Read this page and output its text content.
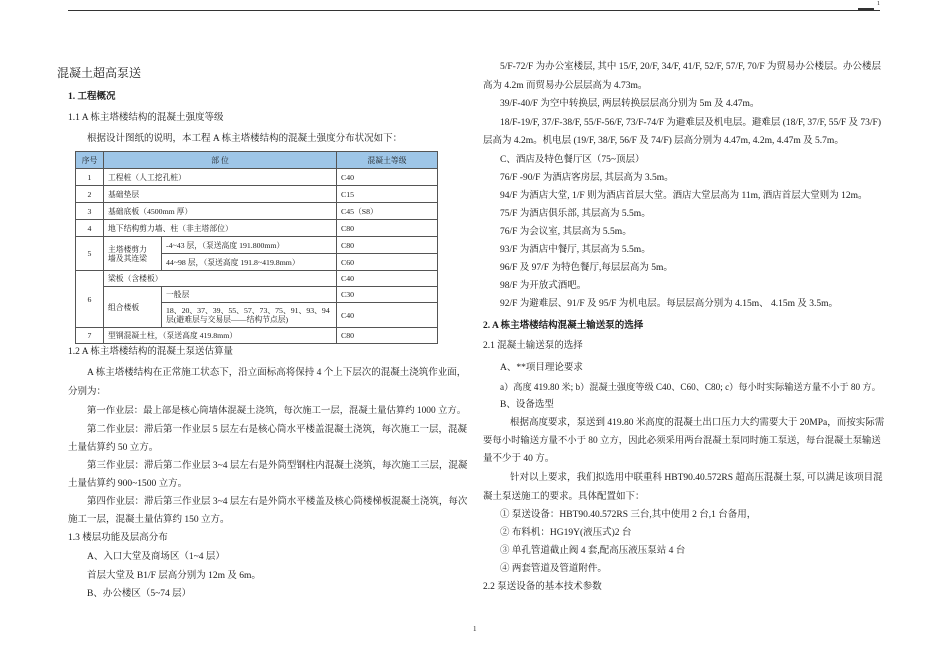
1
混凝土超高泵送
1. 工程概况
1.1 A 栋主塔楼结构的混凝土强度等级
根据设计图纸的说明，本工程 A 栋主塔楼结构的混凝土强度分布状况如下：
序号	部 位		混凝土等级
1	工程桩（人工挖孔桩）		C40
2	基础垫层		C15
3	基础底板（4500mm 厚）		C45（S8）
4	地下结构剪力墙、柱（非主塔部位）		C80
5	主塔楼剪力墙及其连梁	-4~43 层，（泵送高度 191.800mm）	C80
		44~98 层，（泵送高度 191.8~419.8mm）	C60
6	梁板（含楼板）		C40
	组合楼板	一般层	C30
		18、20、37、39、55、57、73、75、91、93、94 层(避难层与交易层——结构节点层)	C40
7	型钢混凝土柱，（泵送高度 419.8mm）		C80
1.2 A 栋主塔楼结构的混凝土泵送估算量
A 栋主塔楼结构在正常施工状态下，沿立面标高将保持 4 个上下层次的混凝土浇筑作业面，
分别为：
第一作业层：最上部是核心筒墙体混凝土浇筑，每次施工一层，混凝土量估算约 1000 立方。
第二作业层：滞后第一作业层 5 层左右是核心筒水平楼盖混凝土浇筑，每次施工一层，混凝
土量估算约 50 立方。
第三作业层：滞后第二作业层 3~4 层左右是外筒型钢柱内混凝土浇筑，每次施工三层，混凝
土量估算约 900~1500 立方。
第四作业层：滞后第三作业层 3~4 层左右是外筒水平楼盖及核心筒楼梯板混凝土浇筑，每次
施工一层，混凝土量估算约 150 立方。
1.3 楼层功能及层高分布
A、入口大堂及商场区（1~4 层）
首层大堂及 B1/F 层高分别为 12m 及 6m。
B、办公楼区（5~74 层）
5/F-72/F 为办公室楼层, 其中 15/F, 20/F, 34/F, 41/F, 52/F, 57/F, 70/F 为贸易办公楼层。办公楼层
高为 4.2m 而贸易办公层层高为 4.73m。
39/F-40/F 为空中转换层, 两层转换层层高分别为 5m 及 4.47m。
18/F-19/F, 37/F-38/F, 55/F-56/F, 73/F-74/F 为避难层及机电层。避难层 (18/F, 37/F, 55/F 及 73/F)
层高为 4.2m。机电层 (19/F, 38/F, 56/F 及 74/F) 层高分别为 4.47m, 4.2m, 4.47m 及 5.7m。
C、酒店及特色餐厅区（75~顶层）
76/F -90/F 为酒店客房层, 其层高为 3.5m。
94/F 为酒店大堂, 1/F 则为酒店首层大堂。酒店大堂层高为 11m, 酒店首层大堂则为 12m。
75/F 为酒店俱乐部, 其层高为 5.5m。
76/F 为会议室, 其层高为 5.5m。
93/F 为酒店中餐厅, 其层高为 5.5m。
96/F 及 97/F 为特色餐厅,每层层高为 5m。
98/F 为开放式酒吧。
92/F 为避难层、91/F 及 95/F 为机电层。每层层高分别为 4.15m、 4.15m 及 3.5m。
2. A 栋主塔楼结构混凝土输送泵的选择
2.1 混凝土输送泵的选择
A、**项目理论要求
a）高度 419.80 米; b）混凝土强度等级 C40、C60、C80; c）每小时实际输送方量不小于 80 方。
B、设备选型
根据高度要求，泵送到 419.80 米高度的混凝土出口压力大约需要大于 20MPa，而按实际需
要每小时输送方量不小于 80 立方，因此必须采用两台混凝土泵同时施工泵送，每台混凝土泵输送
量不少于 40 方。
针对以上要求，我们拟选用中联重科 HBT90.40.572RS 超高压混凝土泵, 可以满足该项目混
凝土泵送施工的要求。具体配置如下：
① 泵送设备：HBT90.40.572RS 三台,其中使用 2 台,1 台备用，
② 布料机：HG19Y(液压式)2 台
③ 单孔管道截止阀 4 套,配高压液压泵站 4 台
④ 两套管道及管道附件。
2.2 泵送设备的基本技术参数
1
